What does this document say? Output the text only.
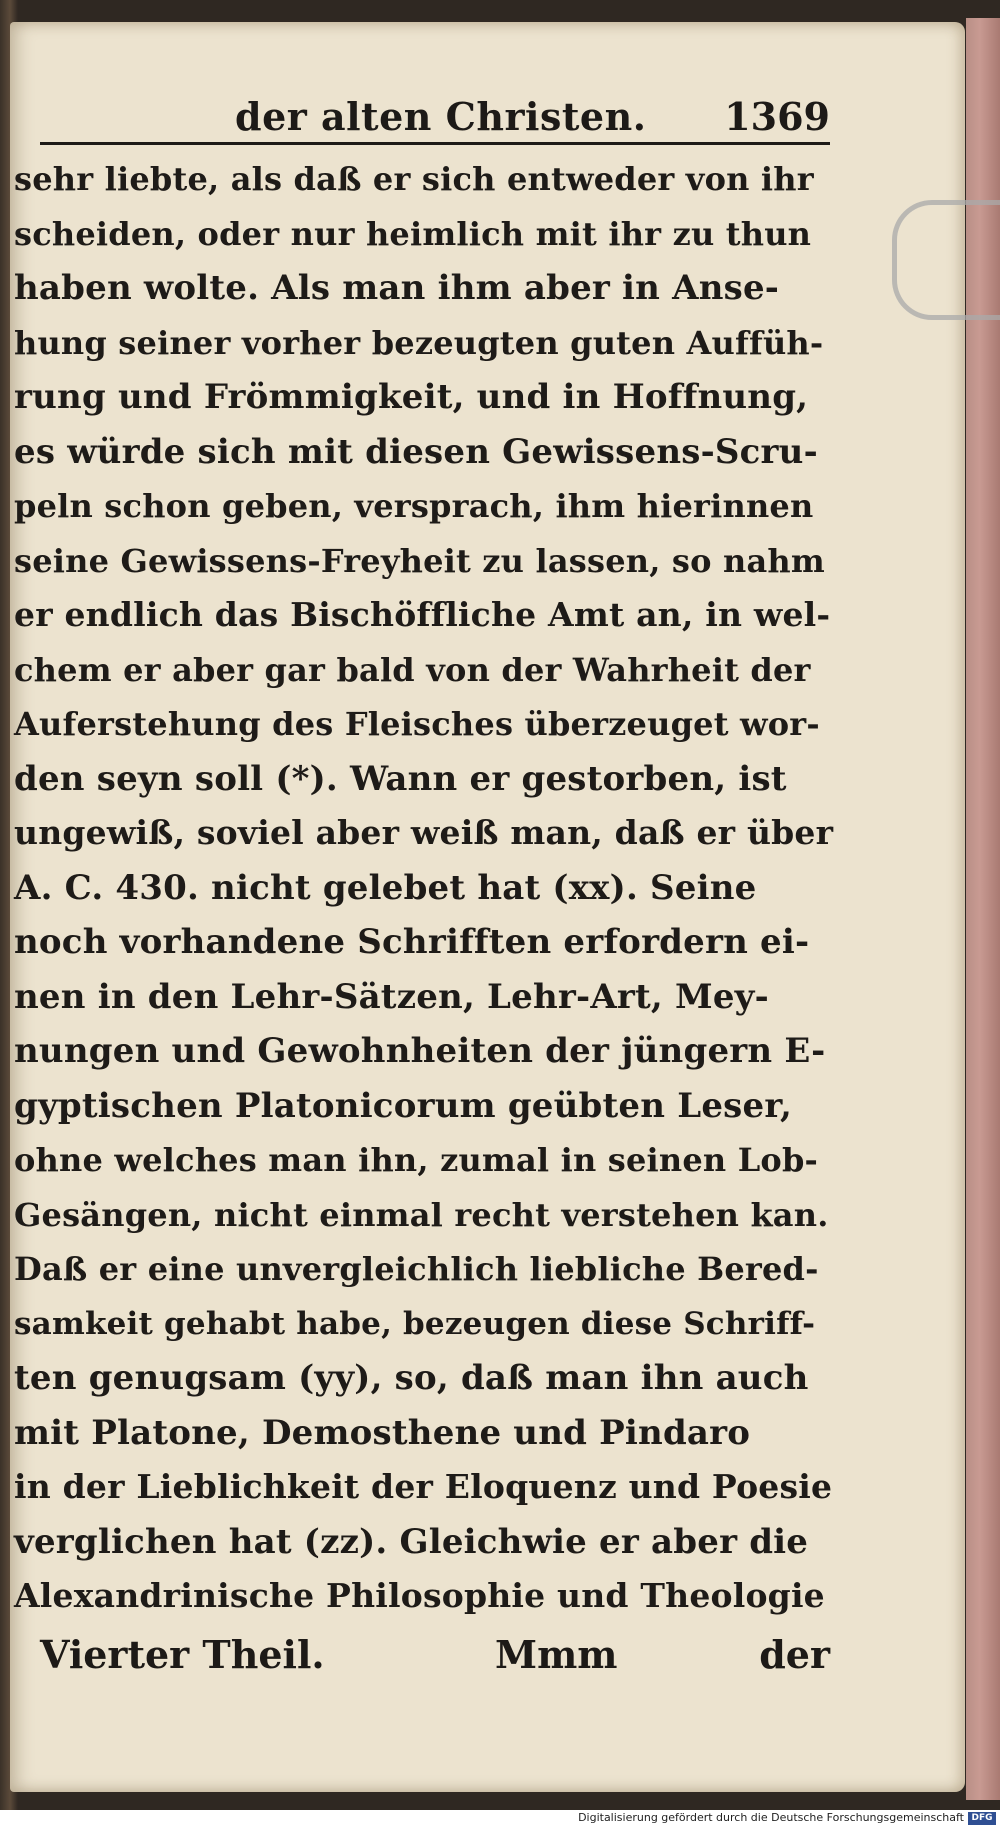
der alten Christen. 1369
sehr liebte, als daß er sich entweder von ihr
scheiden, oder nur heimlich mit ihr zu thun
haben wolte. Als man ihm aber in Anse-
hung seiner vorher bezeugten guten Auffüh-
rung und Frömmigkeit, und in Hoffnung,
es würde sich mit diesen Gewissens-Scru-
peln schon geben, versprach, ihm hierinnen
seine Gewissens-Freyheit zu lassen, so nahm
er endlich das Bischöffliche Amt an, in wel-
chem er aber gar bald von der Wahrheit der
Auferstehung des Fleisches überzeuget wor-
den seyn soll (*). Wann er gestorben, ist
ungewiß, soviel aber weiß man, daß er über
A. C. 430. nicht gelebet hat (xx). Seine
noch vorhandene Schrifften erfordern ei-
nen in den Lehr-Sätzen, Lehr-Art, Mey-
nungen und Gewohnheiten der jüngern E-
gyptischen Platonicorum geübten Leser,
ohne welches man ihn, zumal in seinen Lob-
Gesängen, nicht einmal recht verstehen kan.
Daß er eine unvergleichlich liebliche Bered-
samkeit gehabt habe, bezeugen diese Schriff-
ten genugsam (yy), so, daß man ihn auch
mit Platone, Demosthene und Pindaro
in der Lieblichkeit der Eloquenz und Poesie
verglichen hat (zz). Gleichwie er aber die
Alexandrinische Philosophie und Theologie
Vierter Theil.	Mmm	der
Digitalisierung gefördert durch die Deutsche Forschungsgemeinschaft DFG
